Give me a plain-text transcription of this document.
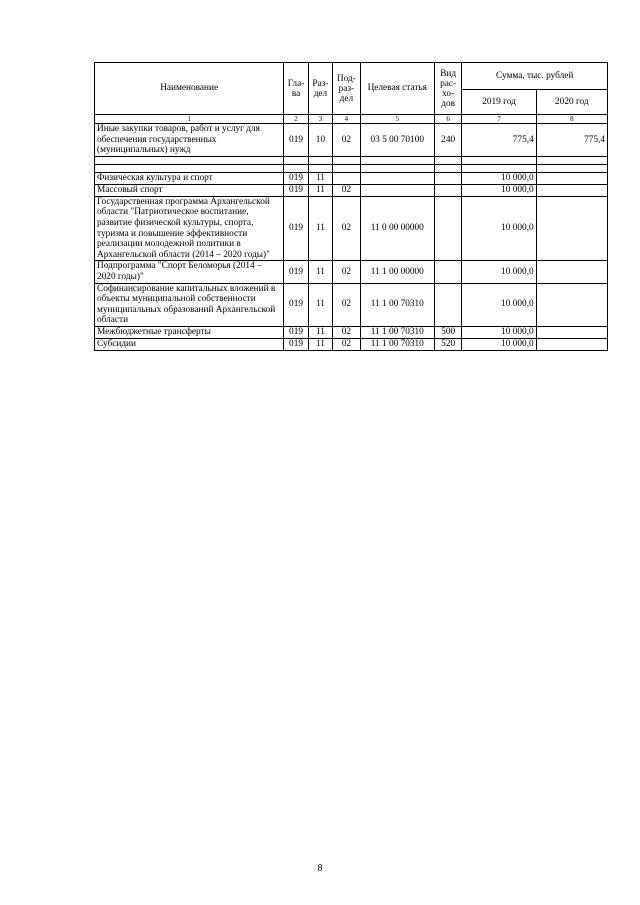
Наименование	Гла-ва	Раз-дел	Под-раз-дел	Целевая статья	Вид рас-хо-дов	Сумма, тыс. рублей	
						2019 год	2020 год
1	2	3	4	5	6	7	8
Иные закупки товаров, работ и услуг для обеспечения государственных (муниципальных) нужд	019	10	02	03 5 00 70100	240	775,4	775,4

Физическая культура и спорт	019	11				10 000,0	
Массовый спорт	019	11	02			10 000,0	
Государственная программа Архангельской области "Патриотическое воспитание, развитие физической культуры, спорта, туризма и повышение эффективности реализации молодежной политики в Архангельской области (2014 – 2020 годы)"	019	11	02	11 0 00 00000		10 000,0	
Подпрограмма "Спорт Беломорья (2014 – 2020 годы)"	019	11	02	11 1 00 00000		10 000,0	
Софинансирование капитальных вложений в объекты муниципальной собственности муниципальных образований Архангельской области	019	11	02	11 1 00 70310		10 000,0	
Межбюджетные трансферты	019	11	02	11 1 00 70310	500	10 000,0	
Субсидии	019	11	02	11 1 00 70310	520	10 000,0	
8
